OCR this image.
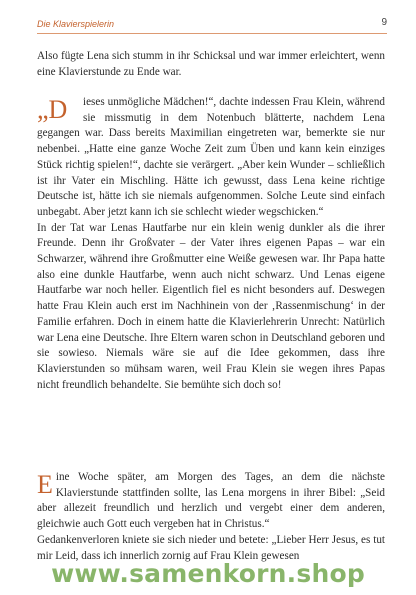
Die Klavierspielerin	9

Also fügte Lena sich stumm in ihr Schicksal und war immer erleichtert, wenn eine Klavierstunde zu Ende war.

„D	ieses unmögliche Mädchen!“, dachte indessen Frau Klein, während sie missmutig in dem Notenbuch blätterte, nachdem Lena gegangen war. Dass bereits Maximilian eingetreten war, bemerkte sie nur nebenbei. „Hatte eine ganze Woche Zeit zum Üben und kann kein einziges Stück richtig spielen!“, dachte sie verärgert. „Aber kein Wunder – schließlich ist ihr Vater ein Mischling. Hätte ich gewusst, dass Lena keine richtige Deutsche ist, hätte ich sie niemals aufgenommen. Solche Leute sind einfach unbegabt. Aber jetzt kann ich sie schlecht wieder wegschicken.“

In der Tat war Lenas Hautfarbe nur ein klein wenig dunkler als die ihrer Freunde. Denn ihr Großvater – der Vater ihres eigenen Papas – war ein Schwarzer, während ihre Großmutter eine Weiße gewesen war. Ihr Papa hatte also eine dunkle Hautfarbe, wenn auch nicht schwarz. Und Lenas eigene Hautfarbe war noch heller. Eigentlich fiel es nicht besonders auf. Deswegen hatte Frau Klein auch erst im Nachhinein von der ‚Rassenmischung‘ in der Familie erfahren. Doch in einem hatte die Klavierlehrerin Unrecht: Natürlich war Lena eine Deutsche. Ihre Eltern waren schon in Deutschland geboren und sie sowieso. Niemals wäre sie auf die Idee gekommen, dass ihre Klavierstunden so mühsam waren, weil Frau Klein sie wegen ihres Papas nicht freundlich behandelte. Sie bemühte sich doch so!

Eine Woche später, am Morgen des Tages, an dem die nächste Klavierstunde stattfinden sollte, las Lena morgens in ihrer Bibel: „Seid aber allezeit freundlich und herzlich und vergebt einer dem anderen, gleichwie auch Gott euch vergeben hat in Christus.“

Gedankenverloren kniete sie sich nieder und betete: „Lieber Herr Jesus, es tut mir Leid, dass ich innerlich zornig auf Frau Klein gewesen

www.samenkorn.shop
